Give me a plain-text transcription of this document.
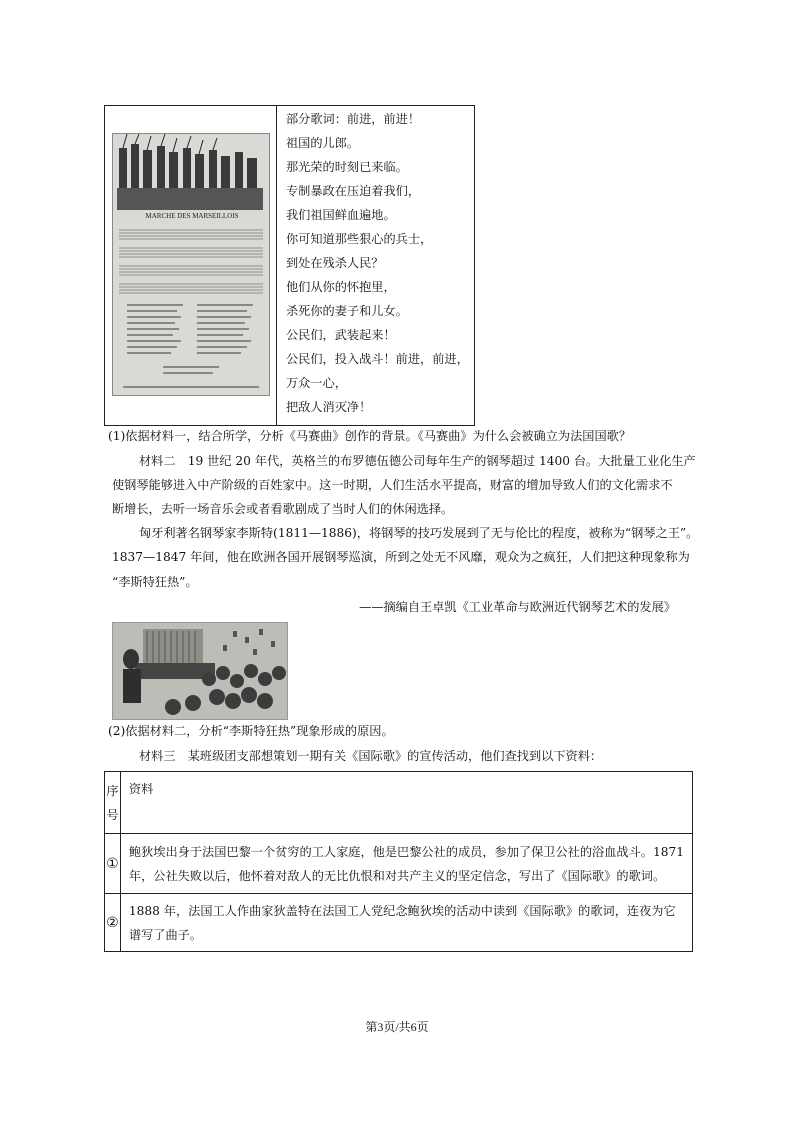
MARCHE DES MARSEILLOIS
部分歌词：前进，前进！
祖国的儿郎。
那光荣的时刻已来临。
专制暴政在压迫着我们，
我们祖国鲜血遍地。
你可知道那些狠心的兵士，
到处在残杀人民？
他们从你的怀抱里，
杀死你的妻子和儿女。
公民们，武装起来！
公民们，投入战斗！前进，前进，
万众一心，
把敌人消灭净！
(1)依据材料一，结合所学，分析《马赛曲》创作的背景。《马赛曲》为什么会被确立为法国国歌？
材料二　19 世纪 20 年代，英格兰的布罗德伍德公司每年生产的钢琴超过 1400 台。大批量工业化生产
使钢琴能够进入中产阶级的百姓家中。这一时期，人们生活水平提高，财富的增加导致人们的文化需求不
断增长，去听一场音乐会或者看歌剧成了当时人们的休闲选择。
匈牙利著名钢琴家李斯特(1811—1886)，将钢琴的技巧发展到了无与伦比的程度，被称为“钢琴之王”。
1837—1847 年间，他在欧洲各国开展钢琴巡演，所到之处无不风靡，观众为之疯狂，人们把这种现象称为
“李斯特狂热”。
——摘编自王卓凯《工业革命与欧洲近代钢琴艺术的发展》
(2)依据材料二，分析“李斯特狂热”现象形成的原因。
材料三　某班级团支部想策划一期有关《国际歌》的宣传活动，他们查找到以下资料：
序
号	资料
①	鲍狄埃出身于法国巴黎一个贫穷的工人家庭，他是巴黎公社的成员，参加了保卫公社的浴血战斗。1871
年，公社失败以后，他怀着对敌人的无比仇恨和对共产主义的坚定信念，写出了《国际歌》的歌词。

②	1888 年，法国工人作曲家狄盖特在法国工人党纪念鲍狄埃的活动中读到《国际歌》的歌词，连夜为它
谱写了曲子。
第3页/共6页
